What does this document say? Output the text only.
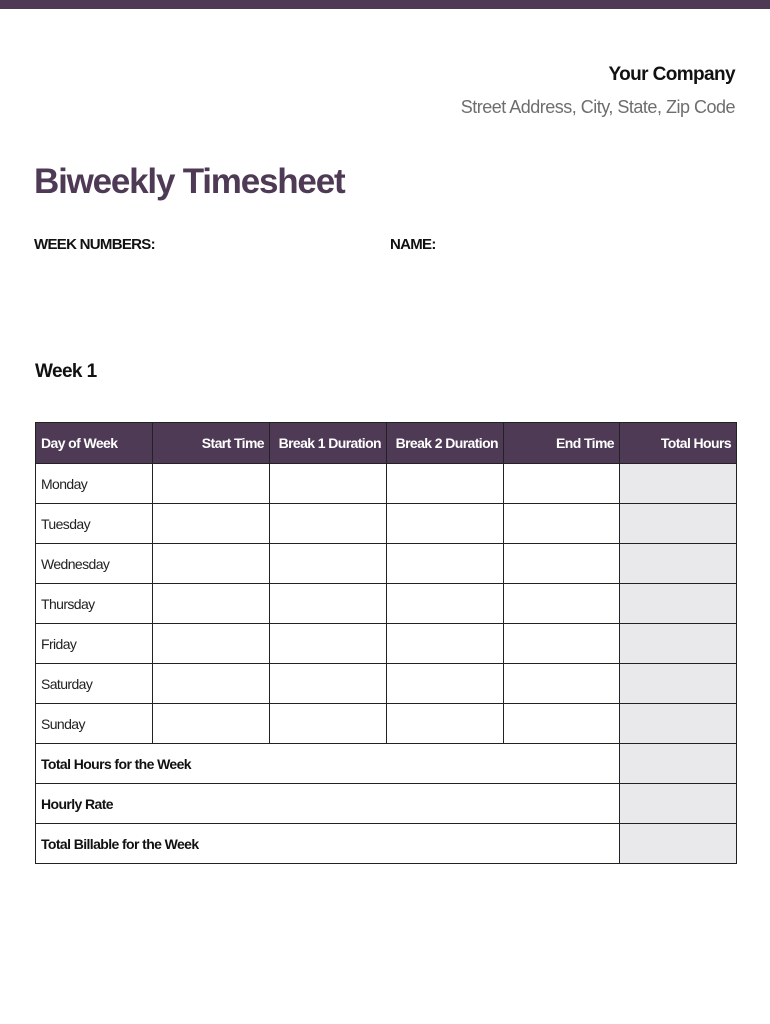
Your Company
Street Address, City, State, Zip Code
Biweekly Timesheet
WEEK NUMBERS:	NAME:
Week 1
Day of Week	Start Time	Break 1 Duration	Break 2 Duration	End Time	Total Hours
Monday					
Tuesday					
Wednesday					
Thursday					
Friday					
Saturday					
Sunday					
Total Hours for the Week					
Hourly Rate					
Total Billable for the Week					
